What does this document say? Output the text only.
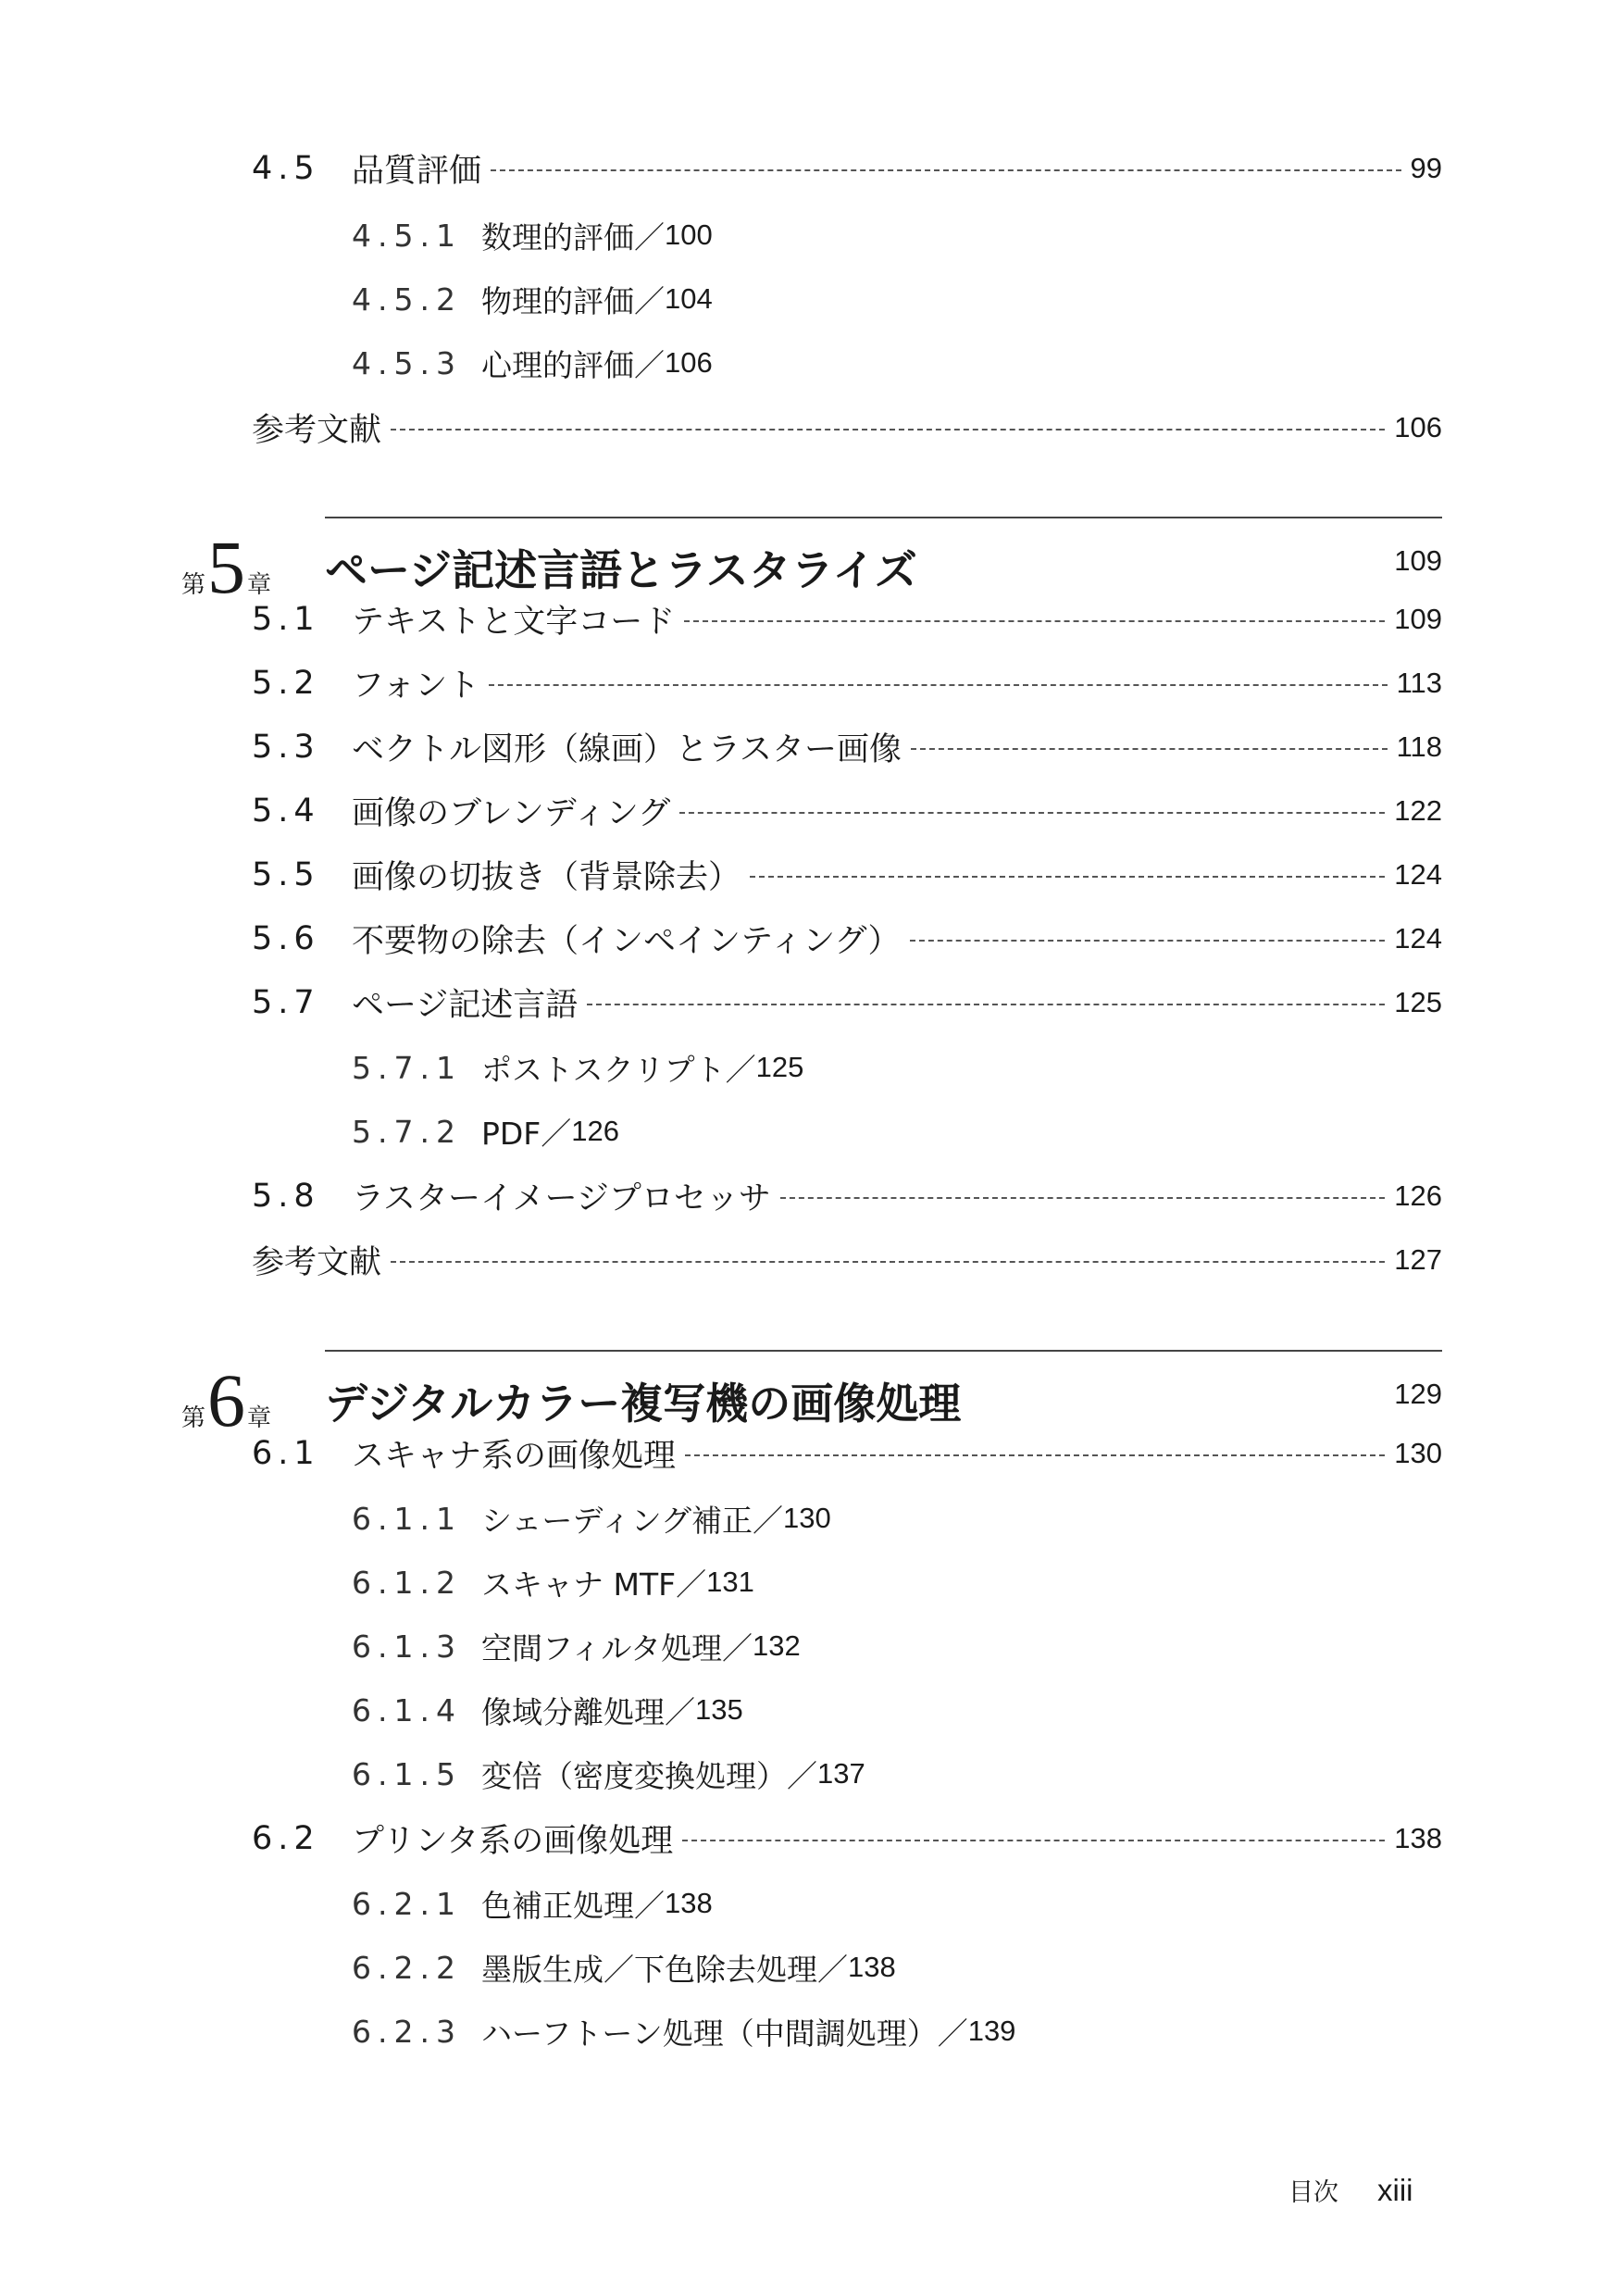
4.5 品質評価	99
4.5.1 数理的評価／ 100
4.5.2 物理的評価／ 104
4.5.3 心理的評価／ 106
参考文献	106
第 5 章 ページ記述言語とラスタライズ	109
5.1 テキストと文字コード	109
5.2 フォント	113
5.3 ベクトル図形（線画）とラスター画像	118
5.4 画像のブレンディング	122
5.5 画像の切抜き（背景除去）	124
5.6 不要物の除去（インペインティング）	124
5.7 ページ記述言語	125
5.7.1 ポストスクリプト／ 125
5.7.2 PDF／ 126
5.8 ラスターイメージプロセッサ	126
参考文献	127
第 6 章 デジタルカラー複写機の画像処理	129
6.1 スキャナ系の画像処理	130
6.1.1 シェーディング補正／ 130
6.1.2 スキャナ MTF／ 131
6.1.3 空間フィルタ処理／ 132
6.1.4 像域分離処理／ 135
6.1.5 変倍（密度変換処理）／ 137
6.2 プリンタ系の画像処理	138
6.2.1 色補正処理／ 138
6.2.2 墨版生成／下色除去処理／ 138
6.2.3 ハーフトーン処理（中間調処理）／ 139
目次 xiii
